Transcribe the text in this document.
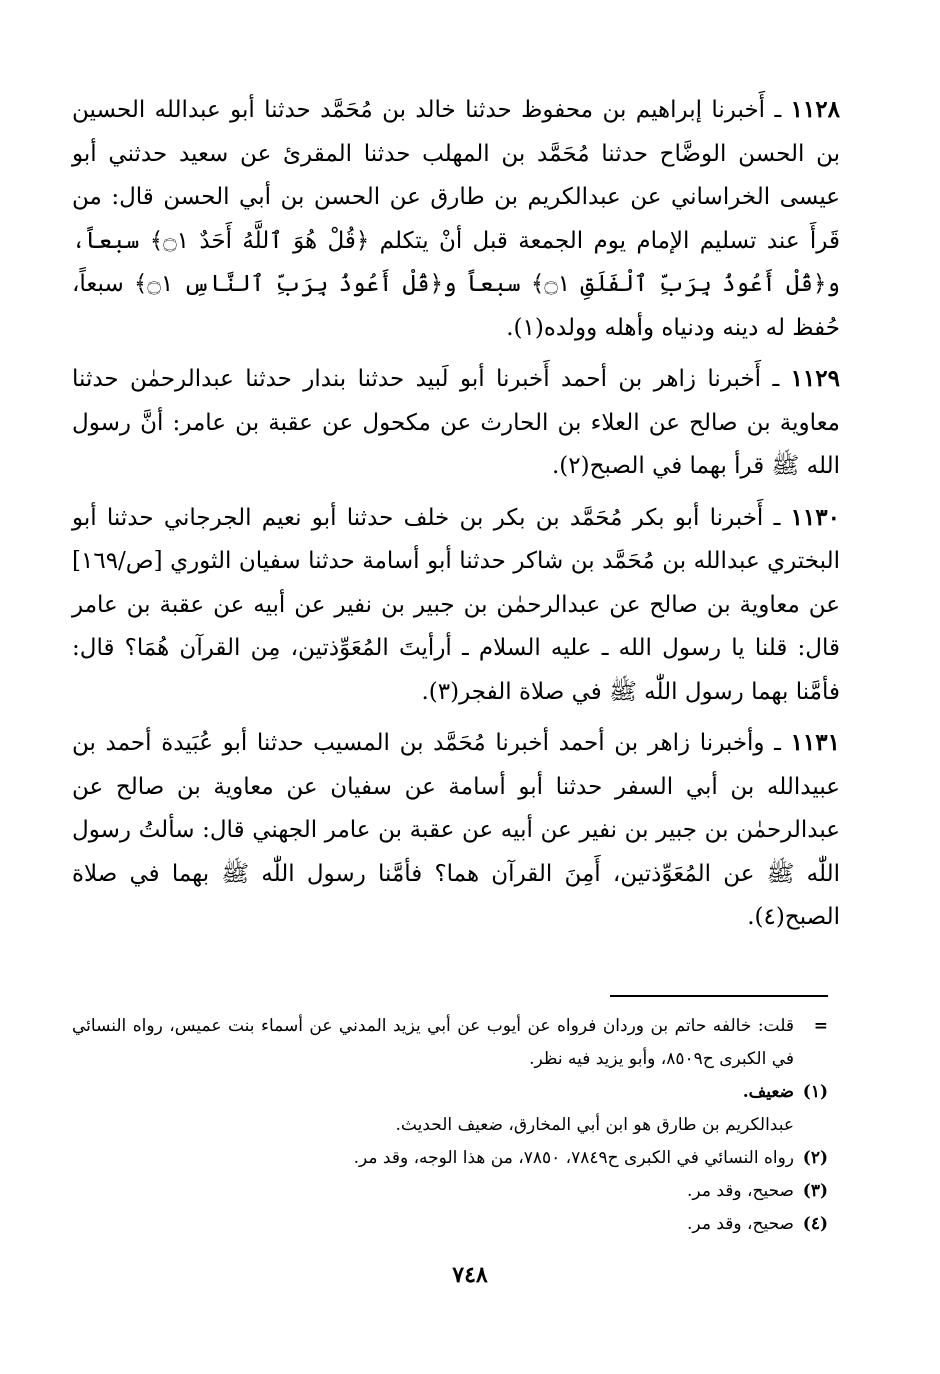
١١٢٨ ـ أَخبرنا إبراهيم بن محفوظ حدثنا خالد بن مُحَمَّد حدثنا أبو عبدالله الحسين بن الحسن الوضَّاح حدثنا مُحَمَّد بن المهلب حدثنا المقرئ عن سعيد حدثني أبو عيسى الخراساني عن عبدالكريم بن طارق عن الحسن بن أبي الحسن قال: من قَرأَ عند تسليم الإمام يوم الجمعة قبل أنْ يتكلم ﴿قُلْ هُوَ ٱللَّهُ أَحَدٌ ۝١﴾ سبعاً، و﴿قُلْ أَعُوذُ بِرَبِّ ٱلْفَلَقِ ۝١﴾ سبعاً و﴿قُلْ أَعُوذُ بِرَبِّ ٱلنَّاسِ ۝١﴾ سبعاً، حُفظ له دينه ودنياه وأهله وولده(١).

١١٢٩ ـ أَخبرنا زاهر بن أحمد أَخبرنا أبو لَبيد حدثنا بندار حدثنا عبدالرحمٰن حدثنا معاوية بن صالح عن العلاء بن الحارث عن مكحول عن عقبة بن عامر: أنَّ رسول الله ﷺ قرأ بهما في الصبح(٢).

١١٣٠ ـ أَخبرنا أبو بكر مُحَمَّد بن بكر بن خلف حدثنا أبو نعيم الجرجاني حدثنا أبو البختري عبدالله بن مُحَمَّد بن شاكر حدثنا أبو أسامة حدثنا سفيان الثوري [ص/١٦٩] عن معاوية بن صالح عن عبدالرحمٰن بن جبير بن نفير عن أبيه عن عقبة بن عامر قال: قلنا يا رسول الله ـ عليه السلام ـ أرأيتَ المُعَوِّذتين، مِن القرآن هُمَا؟ قال: فأمَّنا بهما رسول اللّٰه ﷺ في صلاة الفجر(٣).

١١٣١ ـ وأخبرنا زاهر بن أحمد أخبرنا مُحَمَّد بن المسيب حدثنا أبو عُبَيدة أحمد بن عبيدالله بن أبي السفر حدثنا أبو أسامة عن سفيان عن معاوية بن صالح عن عبدالرحمٰن بن جبير بن نفير عن أبيه عن عقبة بن عامر الجهني قال: سألتُ رسول اللّٰه ﷺ عن المُعَوِّذتين، أَمِنَ القرآن هما؟ فأمَّنا رسول اللّٰه ﷺ بهما في صلاة الصبح(٤).

=
قلت: خالفه حاتم بن وردان فرواه عن أيوب عن أبي يزيد المدني عن أسماء بنت عميس، رواه النسائي في الكبرى ح٨٥٠٩، وأبو يزيد فيه نظر.
(١)
ضعيف.
عبدالكريم بن طارق هو ابن أبي المخارق، ضعيف الحديث.
(٢)
رواه النسائي في الكبرى ح٧٨٤٩، ٧٨٥٠، من هذا الوجه، وقد مر.
(٣)
صحيح، وقد مر.
(٤)
صحيح، وقد مر.
٧٤٨
